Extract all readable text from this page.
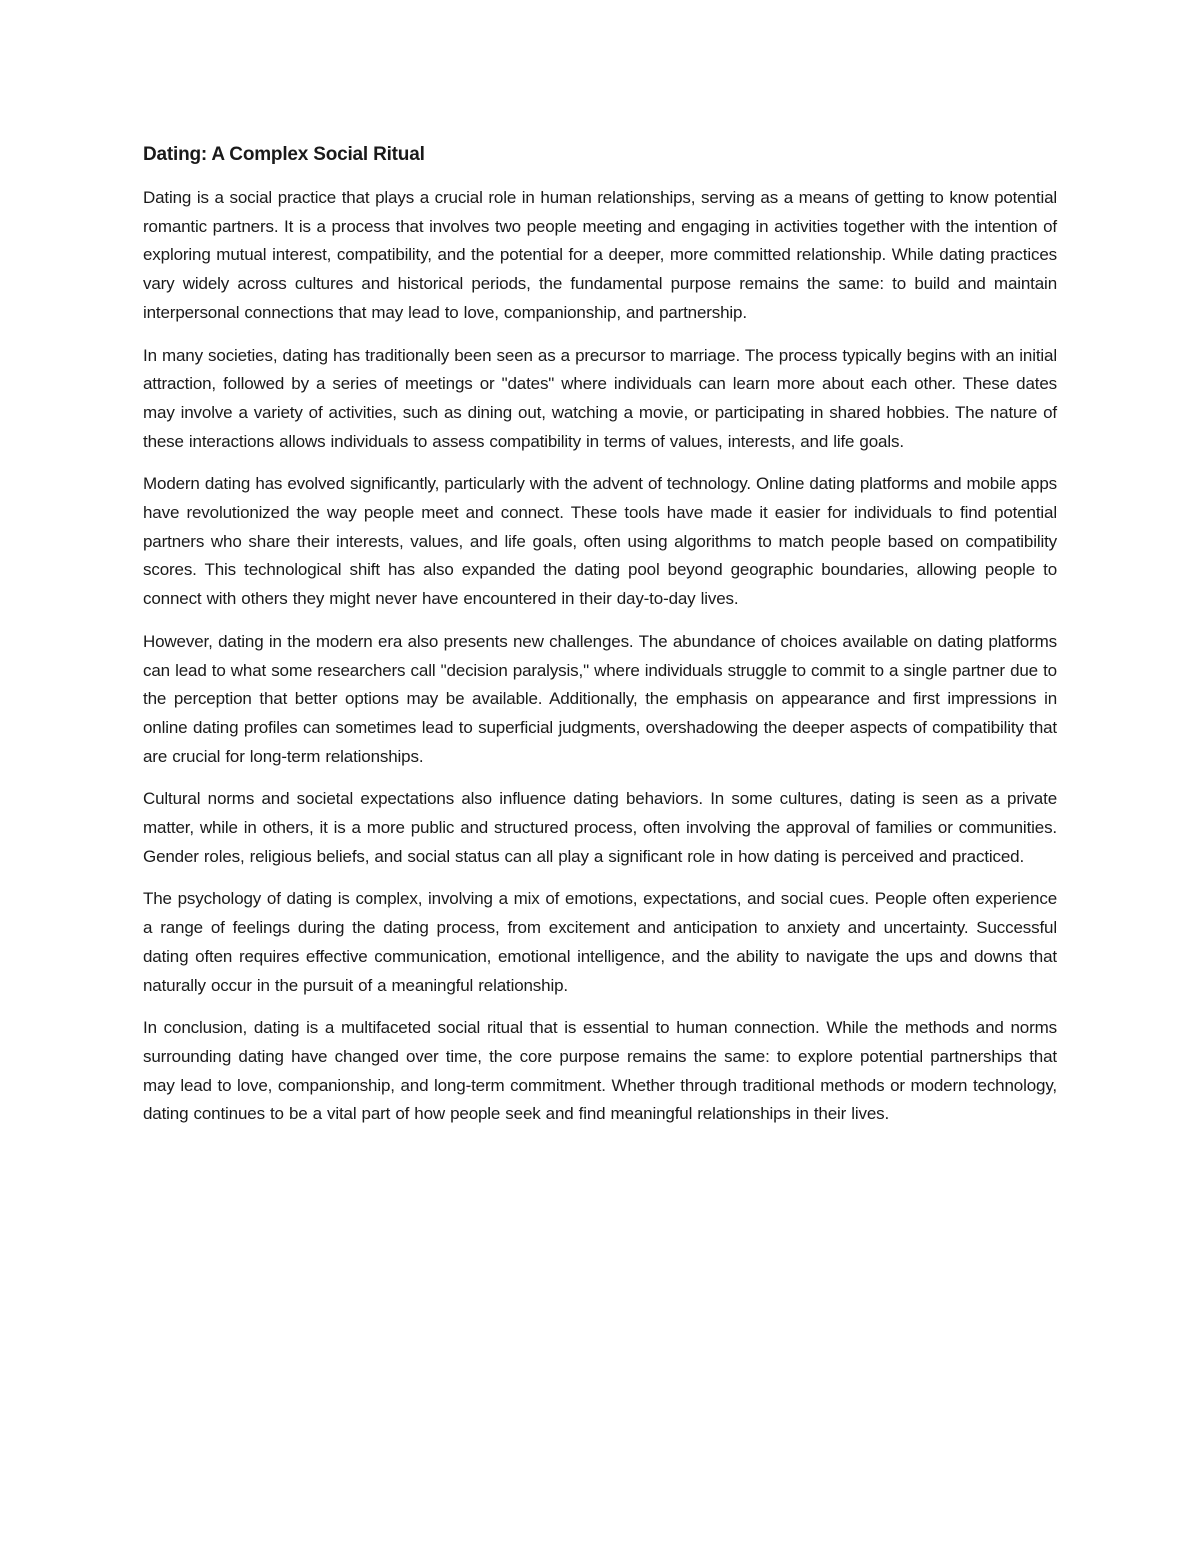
Dating: A Complex Social Ritual

Dating is a social practice that plays a crucial role in human relationships, serving as a means of getting to know potential romantic partners. It is a process that involves two people meeting and engaging in activities together with the intention of exploring mutual interest, compatibility, and the potential for a deeper, more committed relationship. While dating practices vary widely across cultures and historical periods, the fundamental purpose remains the same: to build and maintain interpersonal connections that may lead to love, companionship, and partnership.

In many societies, dating has traditionally been seen as a precursor to marriage. The process typically begins with an initial attraction, followed by a series of meetings or "dates" where individuals can learn more about each other. These dates may involve a variety of activities, such as dining out, watching a movie, or participating in shared hobbies. The nature of these interactions allows individuals to assess compatibility in terms of values, interests, and life goals.

Modern dating has evolved significantly, particularly with the advent of technology. Online dating platforms and mobile apps have revolutionized the way people meet and connect. These tools have made it easier for individuals to find potential partners who share their interests, values, and life goals, often using algorithms to match people based on compatibility scores. This technological shift has also expanded the dating pool beyond geographic boundaries, allowing people to connect with others they might never have encountered in their day-to-day lives.

However, dating in the modern era also presents new challenges. The abundance of choices available on dating platforms can lead to what some researchers call "decision paralysis," where individuals struggle to commit to a single partner due to the perception that better options may be available. Additionally, the emphasis on appearance and first impressions in online dating profiles can sometimes lead to superficial judgments, overshadowing the deeper aspects of compatibility that are crucial for long-term relationships.

Cultural norms and societal expectations also influence dating behaviors. In some cultures, dating is seen as a private matter, while in others, it is a more public and structured process, often involving the approval of families or communities. Gender roles, religious beliefs, and social status can all play a significant role in how dating is perceived and practiced.

The psychology of dating is complex, involving a mix of emotions, expectations, and social cues. People often experience a range of feelings during the dating process, from excitement and anticipation to anxiety and uncertainty. Successful dating often requires effective communication, emotional intelligence, and the ability to navigate the ups and downs that naturally occur in the pursuit of a meaningful relationship.

In conclusion, dating is a multifaceted social ritual that is essential to human connection. While the methods and norms surrounding dating have changed over time, the core purpose remains the same: to explore potential partnerships that may lead to love, companionship, and long-term commitment. Whether through traditional methods or modern technology, dating continues to be a vital part of how people seek and find meaningful relationships in their lives.
